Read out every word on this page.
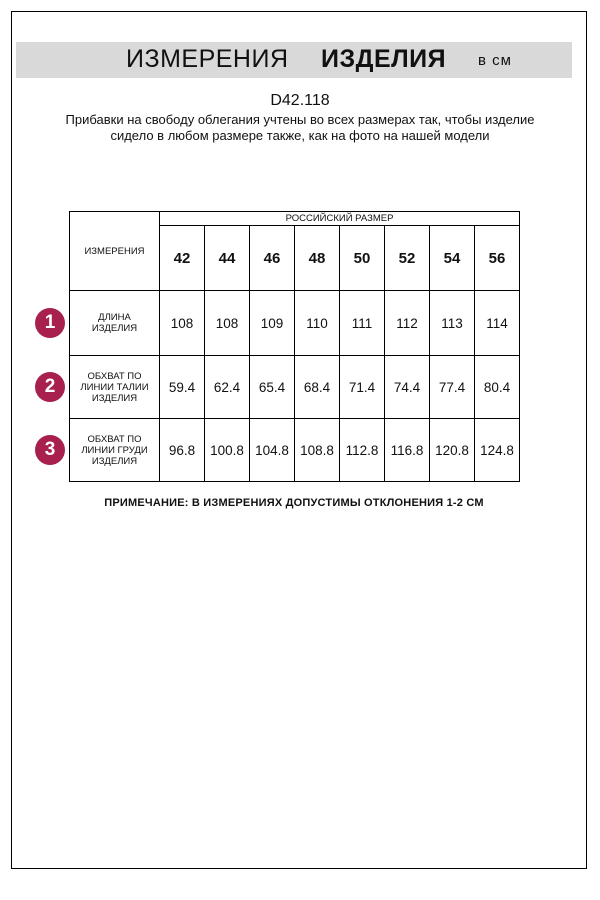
ИЗМЕРЕНИЯ ИЗДЕЛИЯ в см
D42.118
Прибавки на свободу облегания учтены во всех размерах так, чтобы изделие сидело в любом размере также, как на фото на нашей модели
ИЗМЕРЕНИЯ	РОССИЙСКИЙ РАЗМЕР							
	42	44	46	48	50	52	54	56
ДЛИНА
ИЗДЕЛИЯ	108	108	109	110	111	112	113	114
ОБХВАТ ПО
ЛИНИИ ТАЛИИ
ИЗДЕЛИЯ	59.4	62.4	65.4	68.4	71.4	74.4	77.4	80.4
ОБХВАТ ПО
ЛИНИИ ГРУДИ
ИЗДЕЛИЯ	96.8	100.8	104.8	108.8	112.8	116.8	120.8	124.8
1
2
3
ПРИМЕЧАНИЕ: В ИЗМЕРЕНИЯХ ДОПУСТИМЫ ОТКЛОНЕНИЯ 1-2 СМ
